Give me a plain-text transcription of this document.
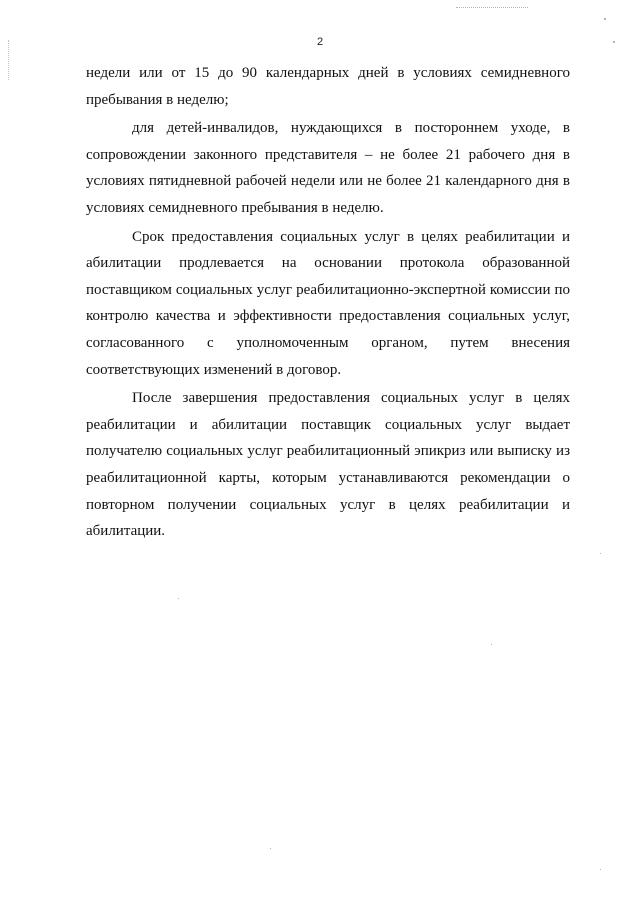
2

недели или от 15 до 90 календарных дней в условиях семидневного пребывания в неделю;

для детей-инвалидов, нуждающихся в постороннем уходе, в сопровождении законного представителя – не более 21 рабочего дня в условиях пятидневной рабочей недели или не более 21 календарного дня в условиях семидневного пребывания в неделю.

Срок предоставления социальных услуг в целях реабилитации и абилитации продлевается на основании протокола образованной поставщиком социальных услуг реабилитационно-экспертной комиссии по контролю качества и эффективности предоставления социальных услуг, согласованного с уполномоченным органом, путем внесения соответствующих изменений в договор.

После завершения предоставления социальных услуг в целях реабилитации и абилитации поставщик социальных услуг выдает получателю социальных услуг реабилитационный эпикриз или выписку из реабилитационной карты, которым устанавливаются рекомендации о повторном получении социальных услуг в целях реабилитации и абилитации.
